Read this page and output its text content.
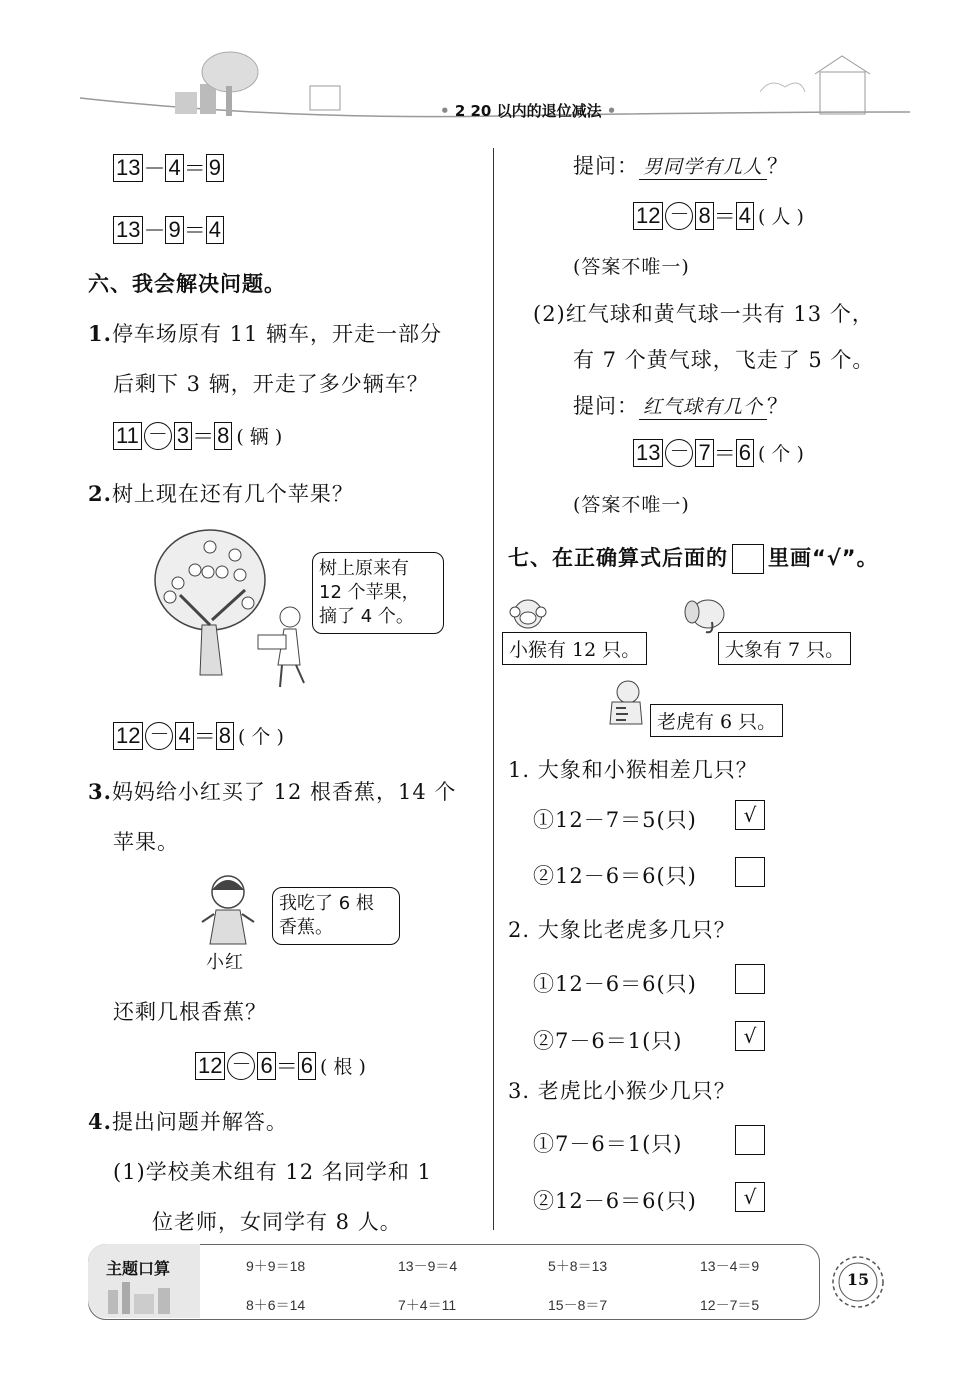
• 2 20 以内的退位减法 •
13 － 4 ＝ 9
13 － 9 ＝ 4
六、我会解决问题。
1.停车场原有 11 辆车，开走一部分
后剩下 3 辆，开走了多少辆车？
11 － 3 ＝ 8 ( 辆 )
2.树上现在还有几个苹果？
树上原来有
12 个苹果，
摘了 4 个。
12 － 4 ＝ 8 ( 个 )
3.妈妈给小红买了 12 根香蕉，14 个
苹果。
小红
我吃了 6 根
香蕉。
还剩几根香蕉？
12 － 6 ＝ 6 ( 根 )
4.提出问题并解答。
(1)学校美术组有 12 名同学和 1
位老师，女同学有 8 人。
提问： 男同学有几人 ？
12 － 8 ＝ 4 ( 人 )
(答案不唯一)
(2)红气球和黄气球一共有 13 个，
有 7 个黄气球，飞走了 5 个。
提问： 红气球有几个 ？
13 － 7 ＝ 6 ( 个 )
(答案不唯一)
七、在正确算式后面的 里画“√”。
小猴有 12 只。	大象有 7 只。
老虎有 6 只。
1. 大象和小猴相差几只？
①12－7＝5(只)	√
②12－6＝6(只)
2. 大象比老虎多几只？
①12－6＝6(只)
②7－6＝1(只)	√
3. 老虎比小猴少几只？
①7－6＝1(只)
②12－6＝6(只)	√
主题口算	9＋9＝18	13－9＝4	5＋8＝13	13－4＝9
8＋6＝14	7＋4＝11	15－8＝7	12－7＝5
15
